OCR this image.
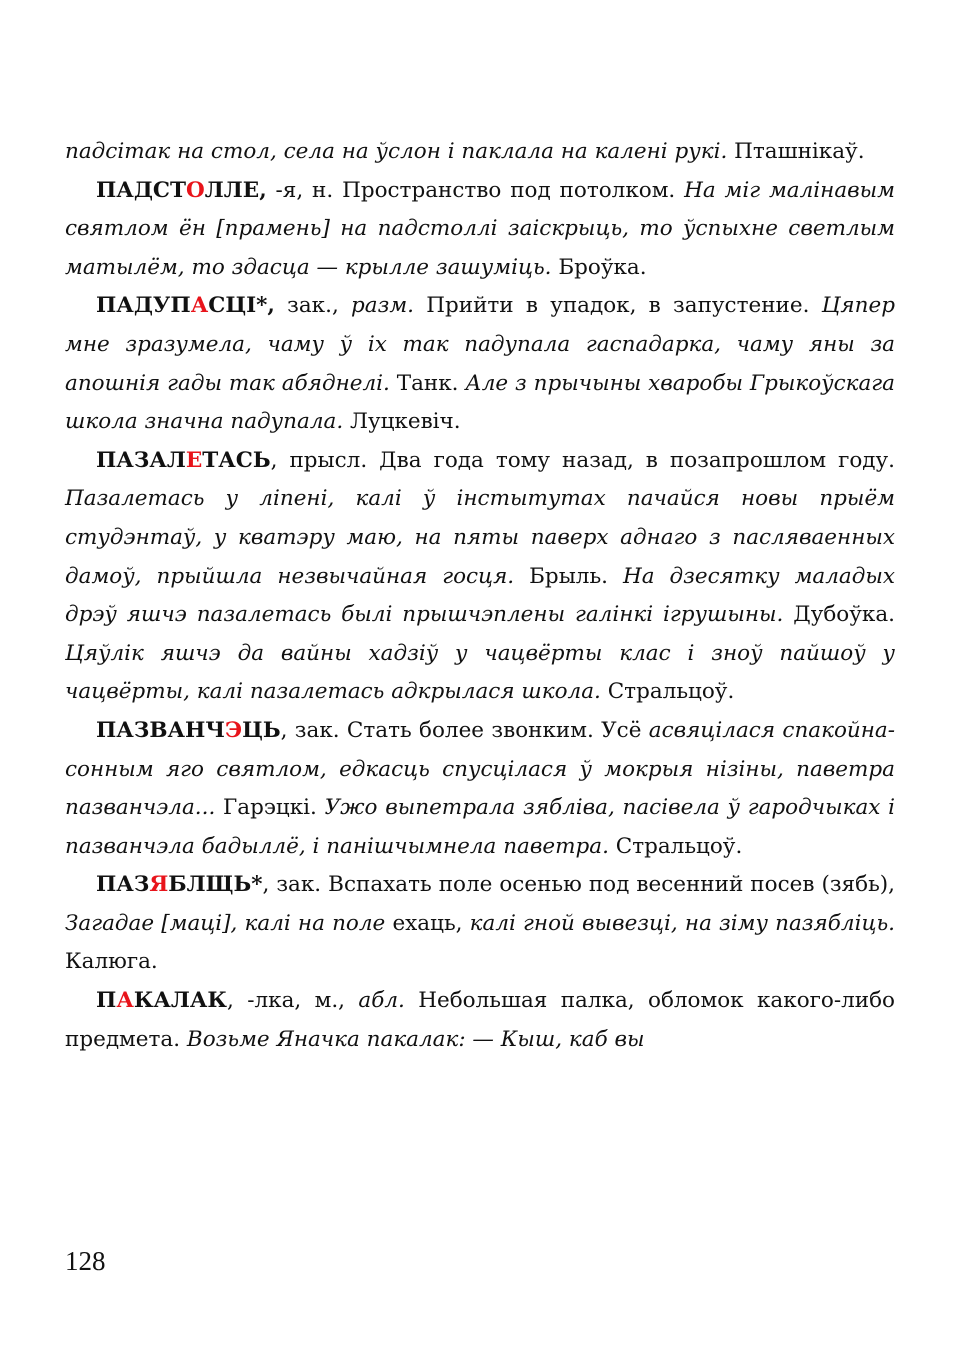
падсітак на стол, села на ўслон і паклала на калені рукі. Пташнікаў.

ПАДСТОЛЛЕ, -я, н. Пространство под потолком. На міг малінавым святлом ён [прамень] на падстоллі заіскрыць, то ўспыхне светлым матылём, то здасца — крылле зашуміць. Броўка.

ПАДУПАСЦІ*, зак., разм. Прийти в упадок, в запустение. Цяпер мне зразумела, чаму ў іх так падупала гаспадарка, чаму яны за апошнія гады так абяднелі. Танк. Але з прычыны хваробы Грыкоўскага школа значна падупала. Луцкевіч.

ПАЗАЛЕТАСЬ, прысл. Два года тому назад, в позапрошлом году. Пазалетась у ліпені, калі ў інстытутах пачайся новы прыём студэнтаў, у кватэру маю, на пяты паверх аднаго з пасляваенных дамоў, прыйшла незвычайная госця. Брыль. На дзесятку маладых дрэў яшчэ пазалетась былі прышчэплены галінкі ігрушыны. Дубоўка. Цяўлік яшчэ да вайны хадзіў у чацвёрты клас і зноў пайшоў у чацвёрты, калі пазалетась адкрылася школа. Стральцоў.

ПАЗВАНЧЭЦЬ, зак. Стать более звонким. Усё асвяцілася спакойна-сонным яго святлом, едкасць спусцілася ў мокрыя нізіны, паветра пазванчэла... Гарэцкі. Ужо выпетрала зябліва, пасівела ў гародчыках і пазванчэла бадыллё, і панішчымнела паветра. Стральцоў.

ПАЗЯБЛЩЬ*, зак. Вспахать поле осенью под весенний посев (зябь), Загадае [маці], калі на поле ехаць, калі гной вывезці, на зіму пазябліць. Калюга.

ПАКАЛАК, -лка, м., абл. Небольшая палка, обломок какого-либо предмета. Возьме Яначка пакалак: — Кыш, каб вы

128
